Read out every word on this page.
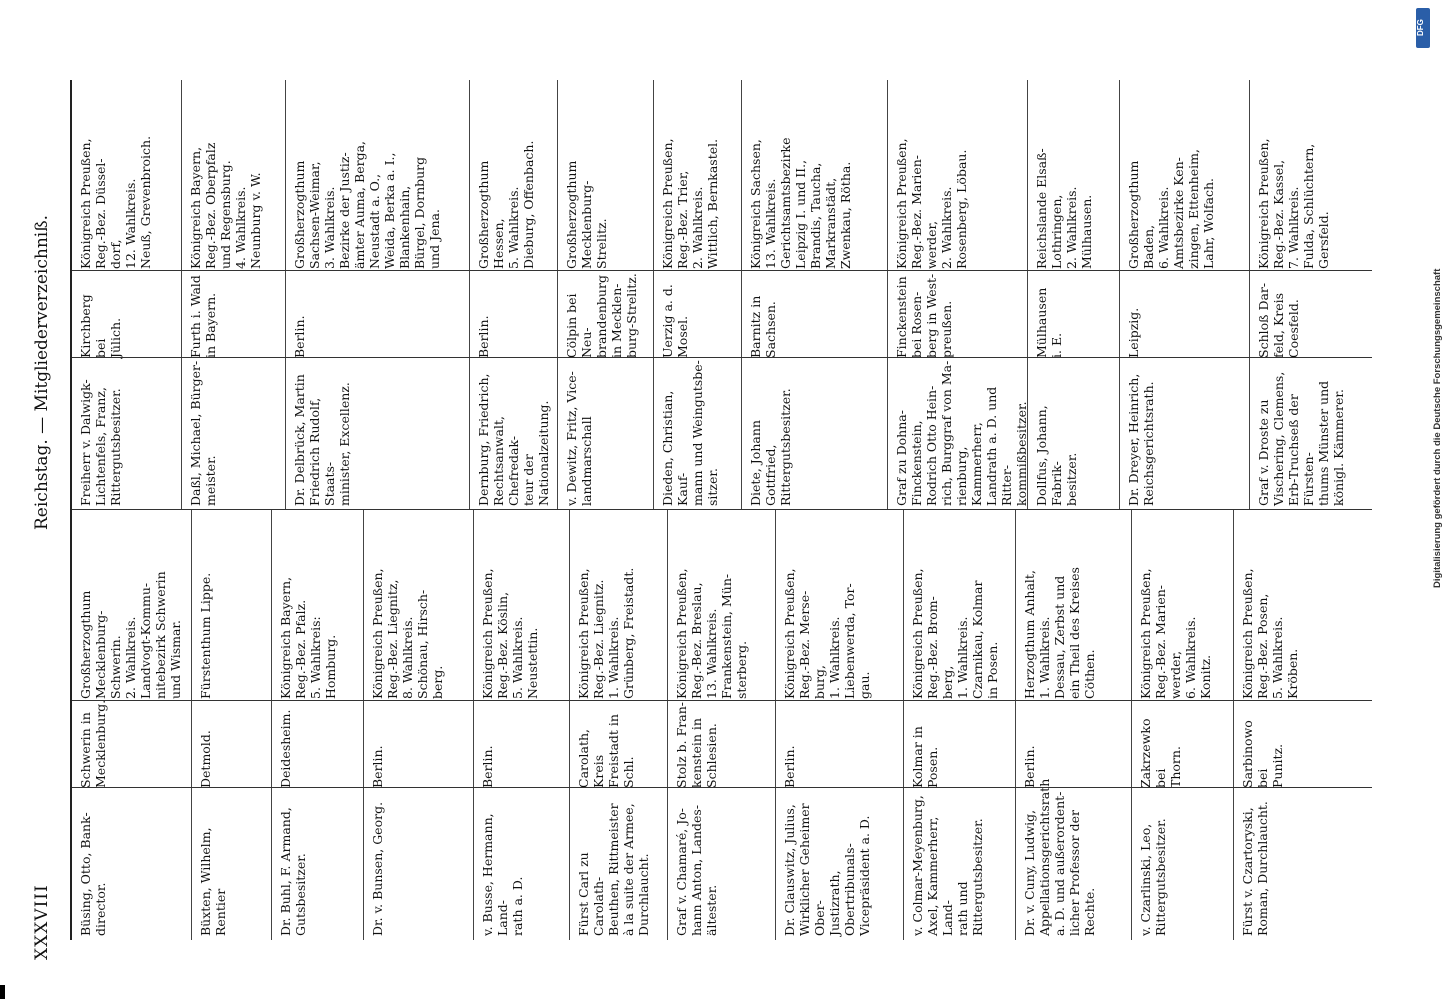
XXXVIII
Reichstag. — Mitgliederverzeichniß.
Büsing, Otto, Bank-
director.
Schwerin in
Mecklenburg.
Großherzogthum
Mecklenburg-
Schwerin.
2. Wahlkreis.
Landvogt-Kommu-
nitebezirk Schwerin
und Wismar.
Büxten, Wilhelm,
Rentier
Detmold.
Fürstenthum Lippe.
Dr. Buhl, F. Armand,
Gutsbesitzer.
Deidesheim.
Königreich Bayern,
Reg.-Bez. Pfalz.
5. Wahlkreis:
Homburg.
Dr. v. Bunsen, Georg.
Berlin.
Königreich Preußen,
Reg.-Bez. Liegnitz,
8. Wahlkreis.
Schönau, Hirsch-
berg.
v. Busse, Hermann, Land-
rath a. D.
Berlin.
Königreich Preußen,
Reg.-Bez. Köslin,
5. Wahlkreis.
Neustettin.
Fürst Carl zu Carolath-
Beuthen, Rittmeister
à la suite der Armee,
Durchlaucht.
Carolath, Kreis
Freistadt in
Schl.
Königreich Preußen,
Reg.-Bez. Liegnitz.
1. Wahlkreis.
Grünberg, Freistadt.
Graf v. Chamaré, Jo-
hann Anton, Landes-
ältester.
Stolz b. Fran-
kenstein in
Schlesien.
Königreich Preußen,
Reg.-Bez. Breslau,
13. Wahlkreis.
Frankenstein, Mün-
sterberg.
Dr. Clauswitz, Julius,
Wirklicher Geheimer Ober-
Justizrath, Obertribunals-
Vicepräsident a. D.
Berlin.
Königreich Preußen,
Reg.-Bez. Merse-
burg,
1. Wahlkreis.
Liebenwerda, Tor-
gau.
v. Colmar-Meyenburg,
Axel, Kammerherr, Land-
rath und Rittergutsbesitzer.
Kolmar in
Posen.
Königreich Preußen,
Reg.-Bez. Brom-
berg,
1. Wahlkreis.
Czarnikau, Kolmar
in Posen.
Dr. v. Cuny, Ludwig,
Appellationsgerichtsrath
a. D. und außerordent-
licher Professor der Rechte.
Berlin.
Herzogthum Anhalt,
1. Wahlkreis.
Dessau, Zerbst und
ein Theil des Kreises
Cöthen.
v. Czarlinski, Leo,
Rittergutsbesitzer.
Zakrzewko bei
Thorn.
Königreich Preußen,
Reg.-Bez. Marien-
werder,
6. Wahlkreis.
Konitz.
Fürst v. Czartoryski,
Roman, Durchlaucht.
Sarbinowo bei
Punitz.
Königreich Preußen,
Reg.-Bez. Posen,
5. Wahlkreis.
Kröben.
Freiherr v. Dalwigk-
Lichtenfels, Franz,
Rittergutsbesitzer.
Kirchberg bei
Jülich.
Königreich Preußen,
Reg.-Bez. Düssel-
dorf,
12. Wahlkreis.
Neuß, Grevenbroich.
Daßl, Michael, Bürger-
meister.
Furth i. Wald
in Bayern.
Königreich Bayern,
Reg.-Bez. Oberpfalz
und Regensburg.
4. Wahlkreis.
Neunburg v. W.
Dr. Delbrück, Martin
Friedrich Rudolf, Staats-
minister, Excellenz.
Berlin.
Großherzogthum
Sachsen-Weimar,
3. Wahlkreis.
Bezirke der Justiz-
ämter Auma, Berga,
Neustadt a. O.,
Weida, Berka a. I.,
Blankenhain,
Bürgel, Dornburg
und Jena.
Dernburg, Friedrich,
Rechtsanwalt, Chefredak-
teur der Nationalzeitung.
Berlin.
Großherzogthum
Hessen,
5. Wahlkreis.
Dieburg, Offenbach.
v. Dewitz, Fritz, Vice-
landmarschall
Cölpin bei Neu-
brandenburg
in Mecklen-
burg-Strelitz.
Großherzogthum
Mecklenburg-
Strelitz.
Dieden, Christian, Kauf-
mann und Weingutsbe-
sitzer.
Uerzig a. d.
Mosel.
Königreich Preußen,
Reg.-Bez. Trier,
2. Wahlkreis.
Wittlich, Bernkastel.
Diete, Johann Gottfried,
Rittergutsbesitzer.
Barnitz in
Sachsen.
Königreich Sachsen,
13. Wahlkreis.
Gerichtsamtsbezirke
Leipzig I. und II.,
Brandis, Taucha,
Markranstädt,
Zwenkau, Rötha.
Graf zu Dohna-Finckenstein,
Rodrich Otto Hein-
rich, Burggraf von Ma-
rienburg, Kammerherr,
Landrath a. D. und Ritter-
kommißbesitzer.
Finckenstein
bei Rosen-
berg in West-
preußen.
Königreich Preußen,
Reg.-Bez. Marien-
werder,
2. Wahlkreis.
Rosenberg, Löbau.
Dollfus, Johann, Fabrik-
besitzer.
Mülhausen
i. E.
Reichslande Elsaß-
Lothringen,
2. Wahlkreis.
Mülhausen.
Dr. Dreyer, Heinrich,
Reichsgerichtsrath.
Leipzig.
Großherzogthum
Baden,
6. Wahlkreis.
Amtsbezirke Ken-
zingen, Ettenheim,
Lahr, Wolfach.
Graf v. Droste zu
Vischering, Clemens,
Erb-Truchseß der Fürsten-
thums Münster und
königl. Kämmerer.
Schloß Dar-
feld, Kreis
Coesfeld.
Königreich Preußen,
Reg.-Bez. Kassel,
7. Wahlkreis.
Fulda, Schlüchtern,
Gersfeld.
DFG
Digitalisierung gefördert durch die Deutsche Forschungsgemeinschaft
